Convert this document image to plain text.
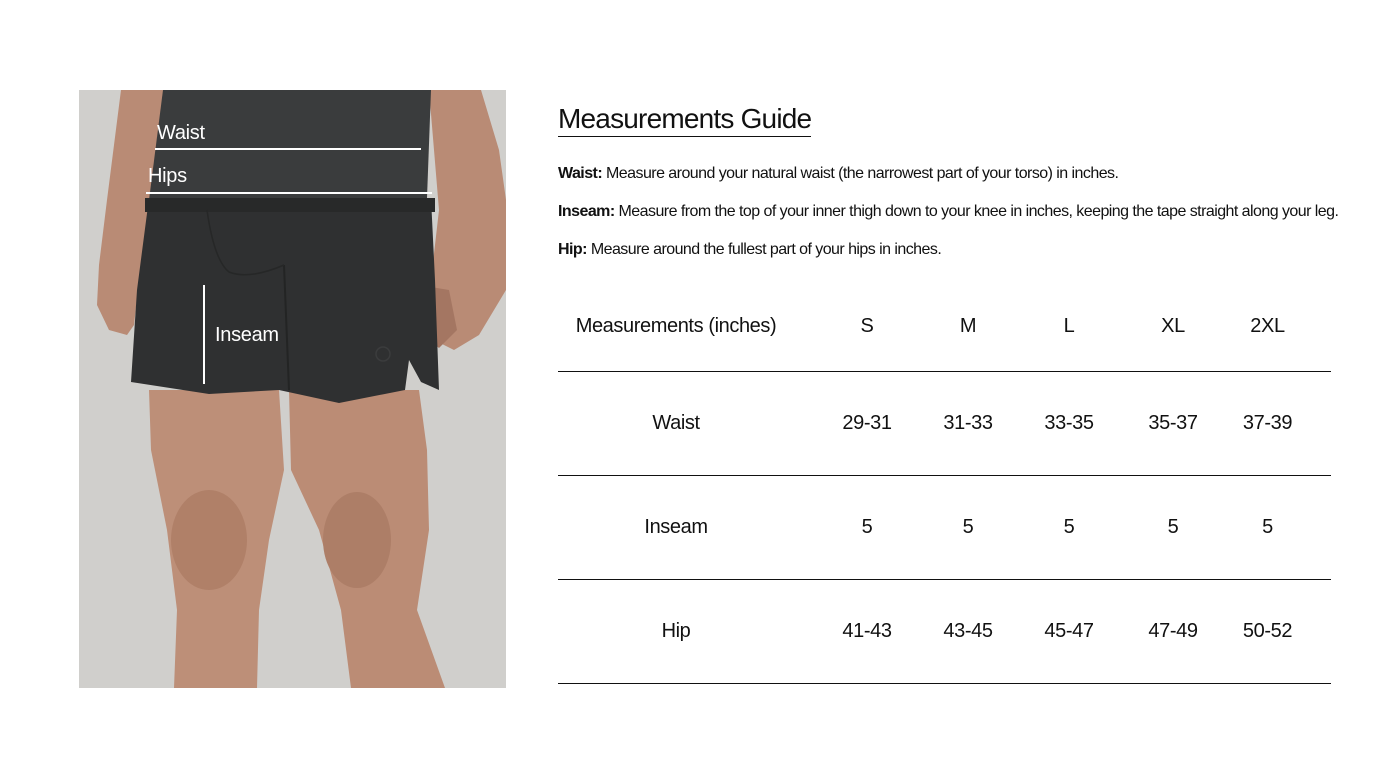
Waist
Hips
Inseam
Measurements Guide
Waist: Measure around your natural waist (the narrowest part of your torso) in inches.
Inseam: Measure from the top of your inner thigh down to your knee in inches, keeping the tape straight along your leg.
Hip: Measure around the fullest part of your hips in inches.
Measurements (inches)	S	M	L	XL	2XL
Waist	29-31	31-33	33-35	35-37	37-39
Inseam	5	5	5	5	5
Hip	41-43	43-45	45-47	47-49	50-52
